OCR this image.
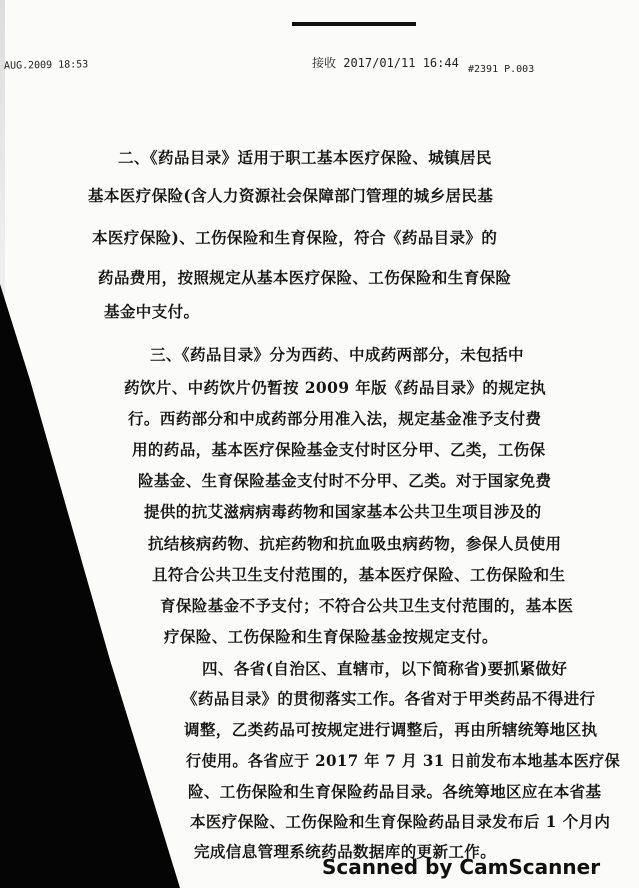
AUG.2009 18:53	接收 2017/01/11 16:44 #2391 P.003
二、《药品目录》适用于职工基本医疗保险、城镇居民
基本医疗保险(含人力资源社会保障部门管理的城乡居民基
本医疗保险)、工伤保险和生育保险，符合《药品目录》的
药品费用，按照规定从基本医疗保险、工伤保险和生育保险
基金中支付。
三、《药品目录》分为西药、中成药两部分，未包括中
药饮片、中药饮片仍暂按 2009 年版《药品目录》的规定执
行。西药部分和中成药部分用准入法，规定基金准予支付费
用的药品，基本医疗保险基金支付时区分甲、乙类，工伤保
险基金、生育保险基金支付时不分甲、乙类。对于国家免费
提供的抗艾滋病病毒药物和国家基本公共卫生项目涉及的
抗结核病药物、抗疟药物和抗血吸虫病药物，参保人员使用
且符合公共卫生支付范围的，基本医疗保险、工伤保险和生
育保险基金不予支付；不符合公共卫生支付范围的，基本医
疗保险、工伤保险和生育保险基金按规定支付。
四、各省(自治区、直辖市，以下简称省)要抓紧做好
《药品目录》的贯彻落实工作。各省对于甲类药品不得进行
调整，乙类药品可按规定进行调整后，再由所辖统筹地区执
行使用。各省应于 2017 年 7 月 31 日前发布本地基本医疗保
险、工伤保险和生育保险药品目录。各统筹地区应在本省基
本医疗保险、工伤保险和生育保险药品目录发布后 1 个月内
完成信息管理系统药品数据库的更新工作。
Scanned by CamScanner
